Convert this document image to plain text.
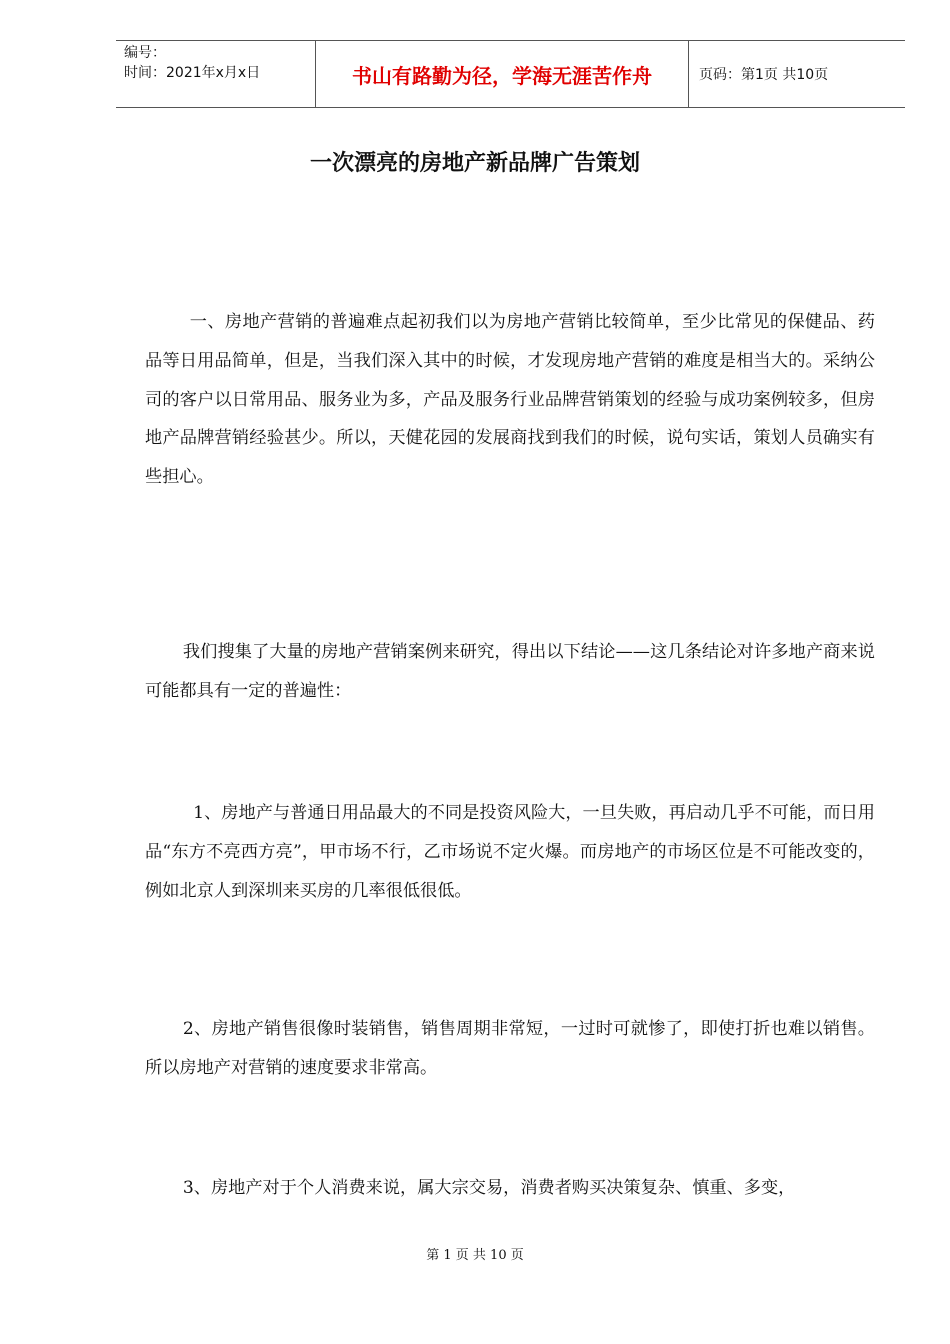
编号：
时间：2021年x月x日	书山有路勤为径，学海无涯苦作舟	页码：第1页 共10页
一次漂亮的房地产新品牌广告策划

一、房地产营销的普遍难点起初我们以为房地产营销比较简单，至少比常见的保健品、药品等日用品简单，但是，当我们深入其中的时候，才发现房地产营销的难度是相当大的。采纳公司的客户以日常用品、服务业为多，产品及服务行业品牌营销策划的经验与成功案例较多，但房地产品牌营销经验甚少。所以，天健花园的发展商找到我们的时候，说句实话，策划人员确实有些担心。

我们搜集了大量的房地产营销案例来研究，得出以下结论——这几条结论对许多地产商来说可能都具有一定的普遍性：

1、房地产与普通日用品最大的不同是投资风险大，一旦失败，再启动几乎不可能，而日用品“东方不亮西方亮”，甲市场不行，乙市场说不定火爆。而房地产的市场区位是不可能改变的，例如北京人到深圳来买房的几率很低很低。

2、房地产销售很像时装销售，销售周期非常短，一过时可就惨了，即使打折也难以销售。所以房地产对营销的速度要求非常高。

3、房地产对于个人消费来说，属大宗交易，消费者购买决策复杂、慎重、多变，

第 1 页 共 10 页
